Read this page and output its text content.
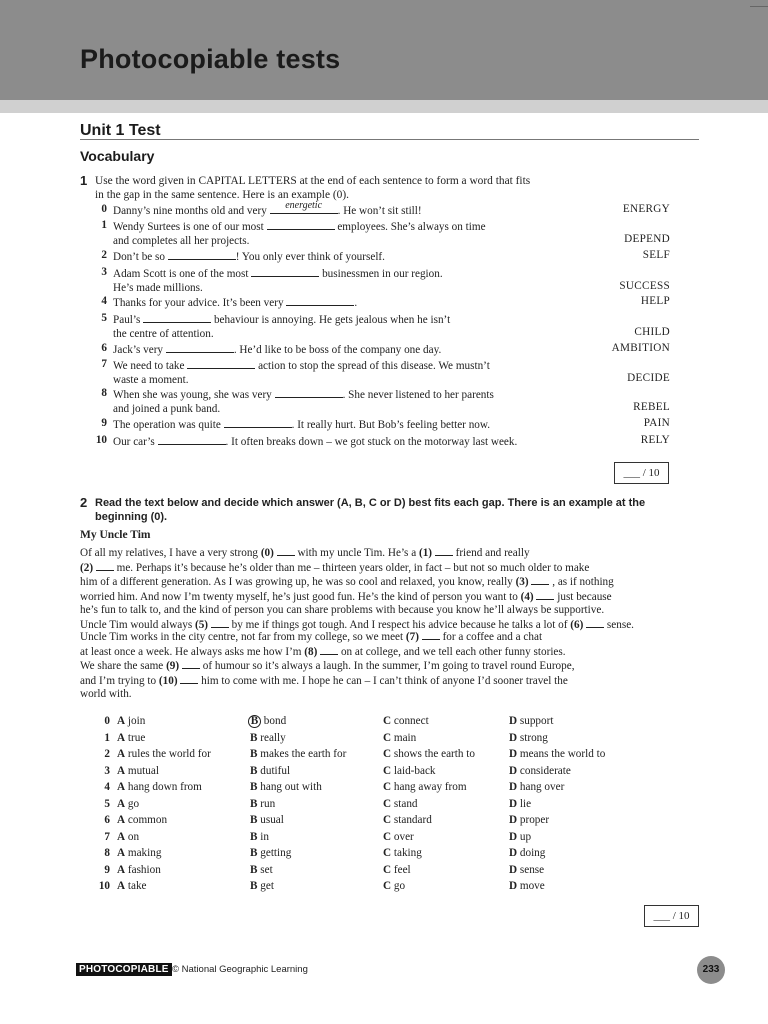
Photocopiable tests
Unit 1 Test
Vocabulary
1 Use the word given in CAPITAL LETTERS at the end of each sentence to form a word that fits
in the gap in the same sentence. Here is an example (0).
0 Danny’s nine months old and very	energetic	. He won’t sit still!	ENERGY
1 Wendy Surtees is one of our most	employees. She’s always on time
and completes all her projects.	DEPEND
2 Don’t be so	! You only ever think of yourself.	SELF
3 Adam Scott is one of the most	businessmen in our region.
He’s made millions.	SUCCESS
4 Thanks for your advice. It’s been very	.	HELP
5 Paul’s	behaviour is annoying. He gets jealous when he isn’t
the centre of attention.	CHILD
6 Jack’s very	. He’d like to be boss of the company one day.	AMBITION
7 We need to take	action to stop the spread of this disease. We mustn’t
waste a moment.	DECIDE
8 When she was young, she was very	. She never listened to her parents
and joined a punk band.	REBEL
9 The operation was quite	. It really hurt. But Bob’s feeling better now.	PAIN
10 Our car’s	. It often breaks down – we got stuck on the motorway last week.	RELY
___ / 10
2 Read the text below and decide which answer (A, B, C or D) best fits each gap. There is an example at the
beginning (0).
My Uncle Tim
Of all my relatives, I have a very strong (0)  with my uncle Tim. He’s a (1)  friend and really
(2)  me. Perhaps it’s because he’s older than me – thirteen years older, in fact – but not so much older to make
him of a different generation. As I was growing up, he was so cool and relaxed, you know, really (3)  , as if nothing
worried him. And now I’m twenty myself, he’s just good fun. He’s the kind of person you want to (4)  just because
he’s fun to talk to, and the kind of person you can share problems with because you know he’ll always be supportive.
Uncle Tim would always (5)  by me if things got tough. And I respect his advice because he talks a lot of (6)  sense.
Uncle Tim works in the city centre, not far from my college, so we meet (7)  for a coffee and a chat
at least once a week. He always asks me how I’m (8)  on at college, and we tell each other funny stories.
We share the same (9)  of humour so it’s always a laugh. In the summer, I’m going to travel round Europe,
and I’m trying to (10)  him to come with me. I hope he can – I can’t think of anyone I’d sooner travel the
world with.
0 A join	B bond	C connect	D support
1 A true	B really	C main	D strong
2 A rules the world for	B makes the earth for	C shows the earth to	D means the world to
3 A mutual	B dutiful	C laid-back	D considerate
4 A hang down from	B hang out with	C hang away from	D hang over
5 A go	B run	C stand	D lie
6 A common	B usual	C standard	D proper
7 A on	B in	C over	D up
8 A making	B getting	C taking	D doing
9 A fashion	B set	C feel	D sense
10 A take	B get	C go	D move
___ / 10
PHOTOCOPIABLE © National Geographic Learning	233
